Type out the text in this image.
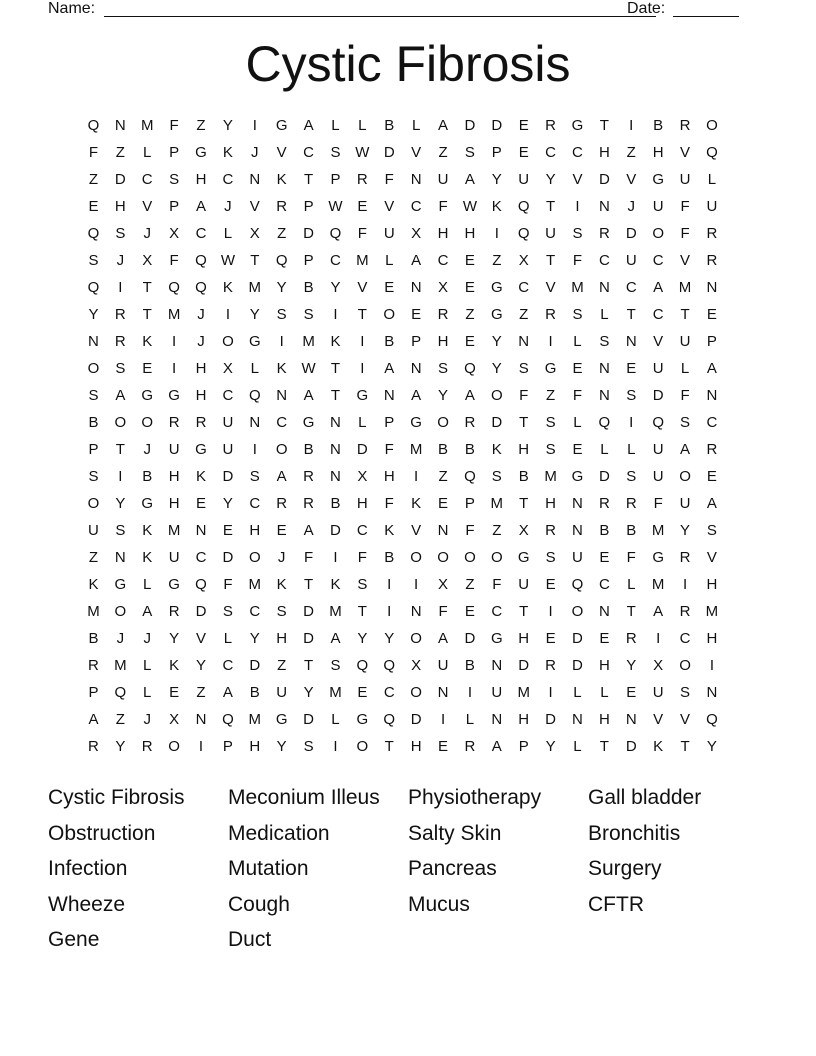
Name:	Date:
Cystic Fibrosis
Q	N	M	F	Z	Y	I	G	A	L	L	B	L	A	D	D	E	R	G	T	I	B	R	O
F	Z	L	P	G	K	J	V	C	S W D	V	Z	S	P	E	C	C	H	Z	H	V	Q
Z	D	C	S	H	C	N	K	T	P	R	F	N	U	A	Y	U	Y	V	D	V	G	U	L
E	H	V	P	A	J	V	R	P W E	V	C	F	W K	Q	T	I	N	J	U	F	U
Q	S	J	X	C	L	X	Z	D	Q	F	U	X	H	H	I	Q	U	S	R	D	O	F	R
S	J	X	F	Q W	T	Q	P	C	M	L	A	C	E	Z	X	T	F	C	U	C	V	R
Q	I	T	Q	Q	K	M	Y	B	Y	V	E	N	X	E	G	C	V	M	N	C	A	M	N
Y	R	T	M	J	I	Y	S	S	I	T	O	E	R	Z	G	Z	R	S	L	T	C	T	E
N	R	K	I	J	O	G	I	M	K	I	B	P	H	E	Y	N	I	L	S	N	V	U	P
O	S	E	I	H	X	L	K W	T	I	A	N	S	Q	Y	S	G	E	N	E	U	L	A
S	A	G	G	H	C	Q	N	A	T	G	N	A	Y	A	O	F	Z	F	N	S	D	F	N
B	O	O	R	R	U	N	C	G	N	L	P	G	O	R	D	T	S	L	Q	I	Q	S	C
P	T	J	U	G	U	I	O	B	N	D	F	M	B	B	K	H	S	E	L	L	U	A	R
S	I	B	H	K	D	S	A	R	N	X	H	I	Z	Q	S	B	M G	D	S	U	O	E
O	Y	G	H	E	Y	C	R	R	B	H	F	K	E	P	M	T	H	N	R	R	F	U	A
U	S	K	M	N	E	H	E	A	D	C	K	V	N	F	Z	X	R	N	B	B	M	Y	S
Z	N	K	U	C	D	O	J	F	I	F	B	O	O	O	O	G	S	U	E	F	G	R	V
K	G	L	G	Q	F	M	K	T	K	S	I	I	X	Z	F	U	E	Q	C	L	M	I	H
M O	A	R	D	S	C	S	D	M	T	I	N	F	E	C	T	I	O	N	T	A	R	M
B	J	J	Y	V	L	Y	H	D	A	Y	Y	O	A	D	G	H	E	D	E	R	I	C	H
R	M	L	K	Y	C	D	Z	T	S	Q	Q	X	U	B	N	D	R	D	H	Y	X	O	I
P	Q	L	E	Z	A	B	U	Y	M	E	C	O	N	I	U	M	I	L	L	E	U	S	N
A	Z	J	X	N	Q M G	D	L	G	Q	D	I	L	N	H	D	N	H	N	V	V	Q
R	Y	R	O	I	P	H	Y	S	I	O	T	H	E	R	A	P	Y	L	T	D	K	T	Y
Cystic Fibrosis	Meconium Illeus	Physiotherapy	Gall bladder
Obstruction	Medication	Salty Skin	Bronchitis
Infection	Mutation	Pancreas	Surgery
Wheeze	Cough	Mucus	CFTR
Gene	Duct
